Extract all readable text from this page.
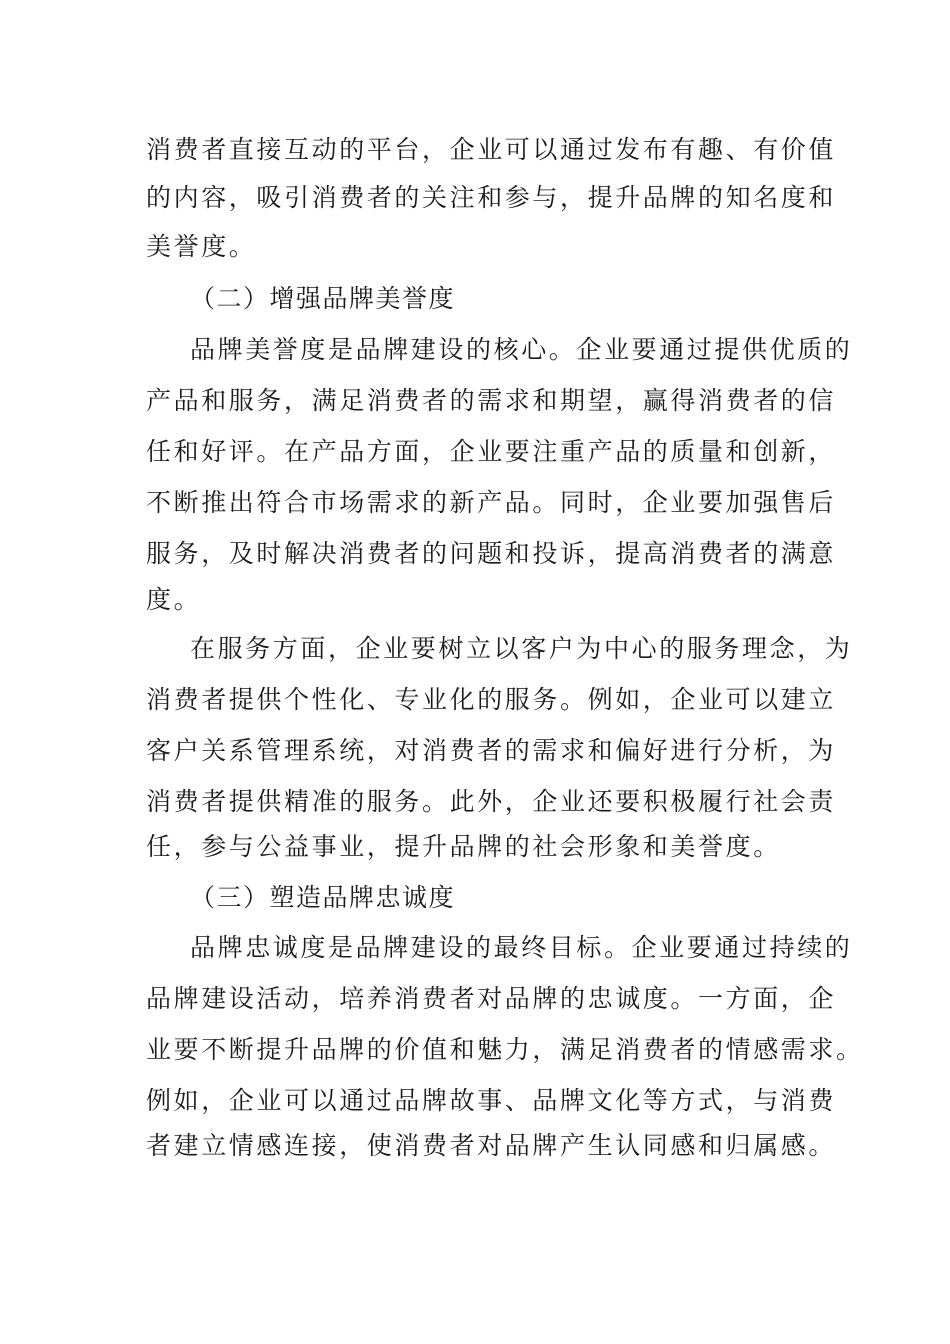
消费者直接互动的平台，企业可以通过发布有趣、有价值
的内容，吸引消费者的关注和参与，提升品牌的知名度和
美誉度。
（二）增强品牌美誉度
品牌美誉度是品牌建设的核心。企业要通过提供优质的
产品和服务，满足消费者的需求和期望，赢得消费者的信
任和好评。在产品方面，企业要注重产品的质量和创新，
不断推出符合市场需求的新产品。同时，企业要加强售后
服务，及时解决消费者的问题和投诉，提高消费者的满意
度。
在服务方面，企业要树立以客户为中心的服务理念，为
消费者提供个性化、专业化的服务。例如，企业可以建立
客户关系管理系统，对消费者的需求和偏好进行分析，为
消费者提供精准的服务。此外，企业还要积极履行社会责
任，参与公益事业，提升品牌的社会形象和美誉度。
（三）塑造品牌忠诚度
品牌忠诚度是品牌建设的最终目标。企业要通过持续的
品牌建设活动，培养消费者对品牌的忠诚度。一方面，企
业要不断提升品牌的价值和魅力，满足消费者的情感需求。
例如，企业可以通过品牌故事、品牌文化等方式，与消费
者建立情感连接，使消费者对品牌产生认同感和归属感。
